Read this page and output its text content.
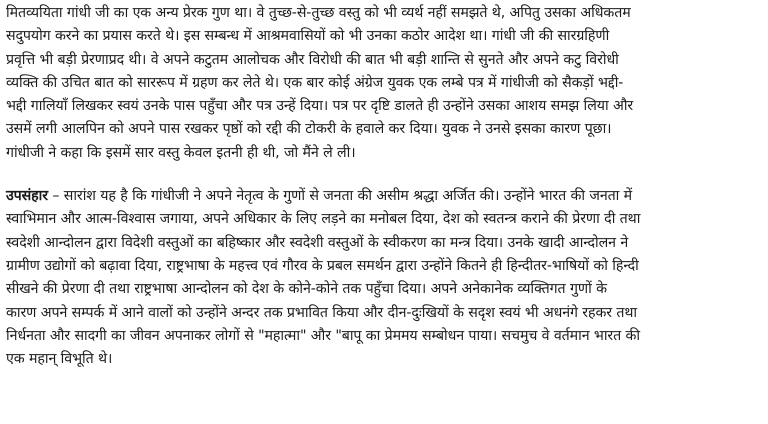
मितव्ययिता गांधी जी का एक अन्य प्रेरक गुण था। वे तुच्छ-से-तुच्छ वस्तु को भी व्यर्थ नहीं समझते थे, अपितु उसका अधिकतम
सदुपयोग करने का प्रयास करते थे। इस सम्बन्ध में आश्रमवासियों को भी उनका कठोर आदेश था। गांधी जी की सारग्रहिणी
प्रवृत्ति भी बड़ी प्रेरणाप्रद थी। वे अपने कटुतम आलोचक और विरोधी की बात भी बड़ी शान्ति से सुनते और अपने कटु विरोधी
व्यक्ति की उचित बात को साररूप में ग्रहण कर लेते थे। एक बार कोई अंग्रेज युवक एक लम्बे पत्र में गांधीजी को सैकड़ों भद्दी-
भद्दी गालियाँ लिखकर स्वयं उनके पास पहुँचा और पत्र उन्हें दिया। पत्र पर दृष्टि डालते ही उन्होंने उसका आशय समझ लिया और
उसमें लगी आलपिन को अपने पास रखकर पृष्ठों को रद्दी की टोकरी के हवाले कर दिया। युवक ने उनसे इसका कारण पूछा।
गांधीजी ने कहा कि इसमें सार वस्तु केवल इतनी ही थी, जो मैंने ले ली।

उपसंहार – सारांश यह है कि गांधीजी ने अपने नेतृत्व के गुणों से जनता की असीम श्रद्धा अर्जित की। उन्होंने भारत की जनता में
स्वाभिमान और आत्म-विश्वास जगाया, अपने अधिकार के लिए लड़ने का मनोबल दिया, देश को स्वतन्त्र कराने की प्रेरणा दी तथा
स्वदेशी आन्दोलन द्वारा विदेशी वस्तुओं का बहिष्कार और स्वदेशी वस्तुओं के स्वीकरण का मन्त्र दिया। उनके खादी आन्दोलन ने
ग्रामीण उद्योगों को बढ़ावा दिया, राष्ट्रभाषा के महत्त्व एवं गौरव के प्रबल समर्थन द्वारा उन्होंने कितने ही हिन्दीतर-भाषियों को हिन्दी
सीखने की प्रेरणा दी तथा राष्ट्रभाषा आन्दोलन को देश के कोने-कोने तक पहुँचा दिया। अपने अनेकानेक व्यक्तिगत गुणों के
कारण अपने सम्पर्क में आने वालों को उन्होंने अन्दर तक प्रभावित किया और दीन-दुःखियों के सदृश स्वयं भी अधनंगे रहकर तथा
निर्धनता और सादगी का जीवन अपनाकर लोगों से "महात्मा" और "बापू का प्रेममय सम्बोधन पाया। सचमुच वे वर्तमान भारत की
एक महान् विभूति थे।
